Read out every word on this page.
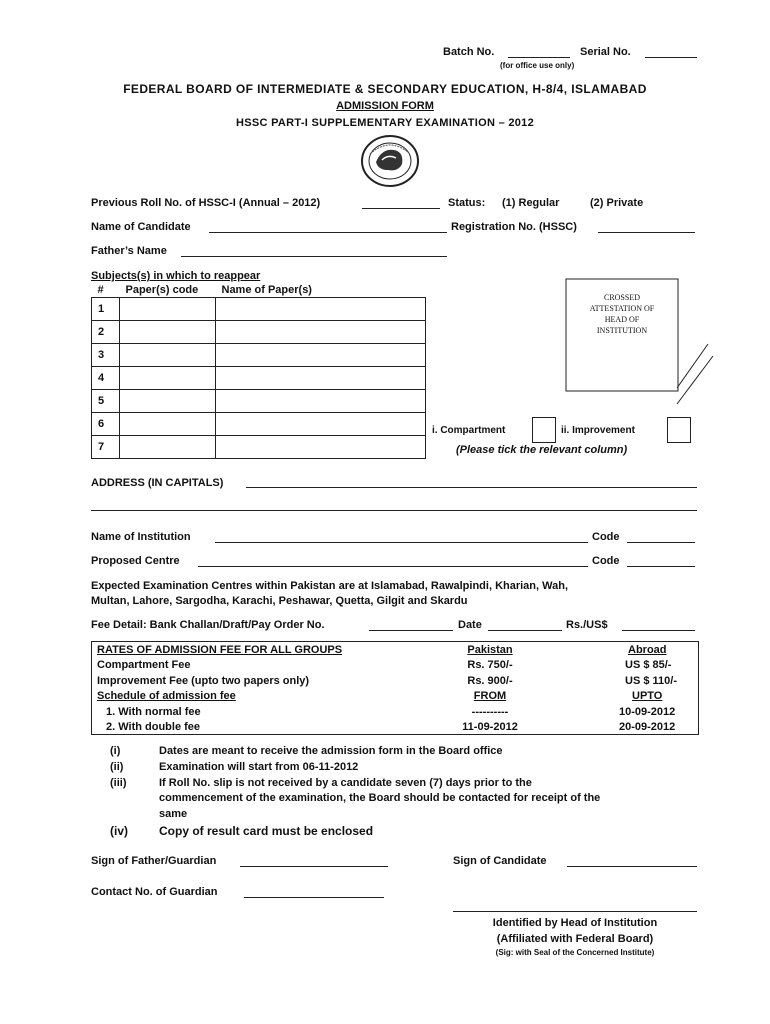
Batch No.	Serial No.
(for office use only)
FEDERAL BOARD OF INTERMEDIATE & SECONDARY EDUCATION, H-8/4, ISLAMABAD
ADMISSION FORM
HSSC PART-I SUPPLEMENTARY EXAMINATION – 2012
Previous Roll No. of HSSC-I (Annual – 2012)	Status: (1) Regular	(2) Private
Name of Candidate	Registration No. (HSSC)
Father’s Name
Subjects(s) in which to reappear
#	Paper(s) code	Name of Paper(s)
1		
2		
3		
4		
5		
6		
7		
CROSSED
ATTESTATION OF
HEAD OF
INSTITUTION
i. Compartment	ii. Improvement
(Please tick the relevant column)
ADDRESS (IN CAPITALS)
Name of Institution	Code
Proposed Centre	Code
Expected Examination Centres within Pakistan are at Islamabad, Rawalpindi, Kharian, Wah,
Multan, Lahore, Sargodha, Karachi, Peshawar, Quetta, Gilgit and Skardu
Fee Detail: Bank Challan/Draft/Pay Order No.	Date	Rs./US$
RATES OF ADMISSION FEE FOR ALL GROUPS	Pakistan	Abroad
Compartment Fee	Rs. 750/-	US $ 85/-
Improvement Fee (upto two papers only)	Rs. 900/-	US $ 110/-
Schedule of admission fee	FROM	UPTO
1. With normal fee	----------	10-09-2012
2. With double fee	11-09-2012	20-09-2012
(i)	Dates are meant to receive the admission form in the Board office
(ii)	Examination will start from 06-11-2012
(iii)	If Roll No. slip is not received by a candidate seven (7) days prior to the
commencement of the examination, the Board should be contacted for receipt of the
same
(iv)	Copy of result card must be enclosed
Sign of Father/Guardian	Sign of Candidate
Contact No. of Guardian
Identified by Head of Institution
(Affiliated with Federal Board)
(Sig: with Seal of the Concerned Institute)
